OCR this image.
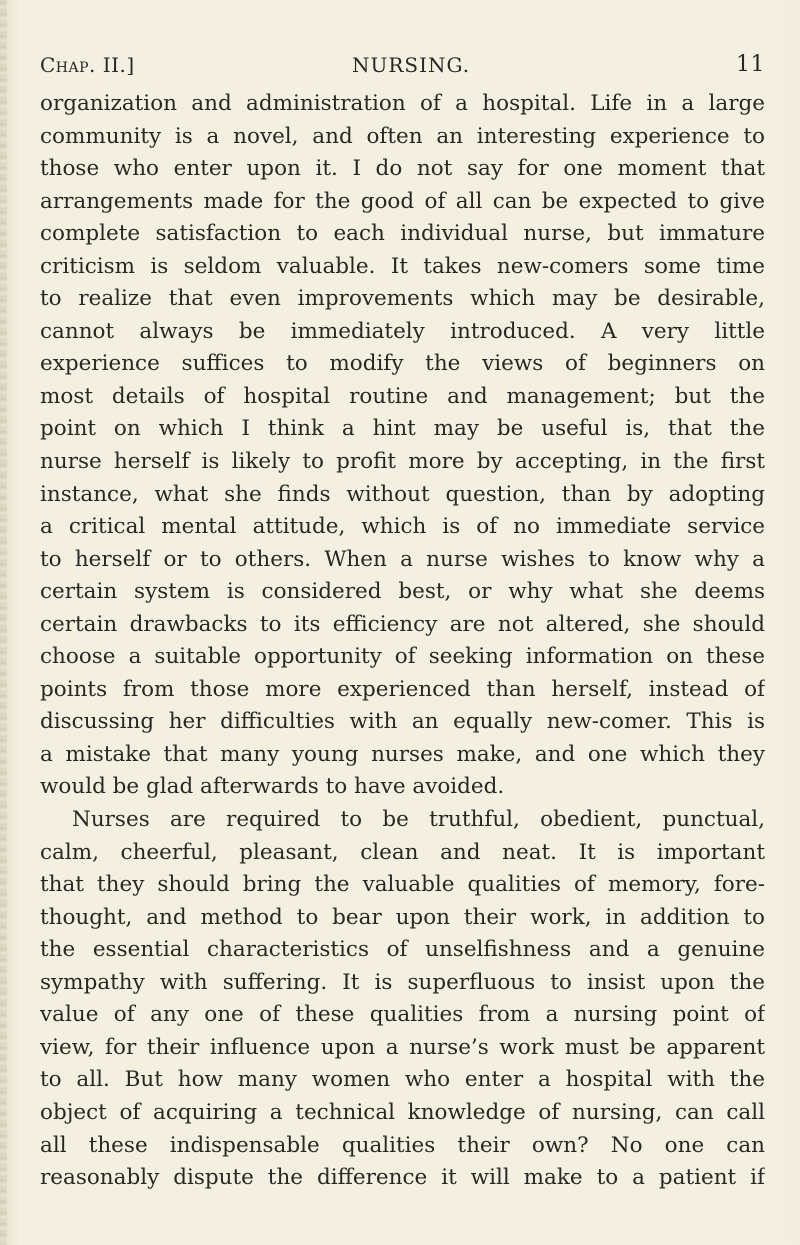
Chap. II.]	NURSING.	11
organization and administration of a hospital. Life in a large
community is a novel, and often an interesting experience to
those who enter upon it. I do not say for one moment that
arrangements made for the good of all can be expected to give
complete satisfaction to each individual nurse, but immature
criticism is seldom valuable. It takes new-comers some time
to realize that even improvements which may be desirable,
cannot always be immediately introduced. A very little
experience suffices to modify the views of beginners on
most details of hospital routine and management; but the
point on which I think a hint may be useful is, that the
nurse herself is likely to profit more by accepting, in the first
instance, what she finds without question, than by adopting
a critical mental attitude, which is of no immediate service
to herself or to others. When a nurse wishes to know why a
certain system is considered best, or why what she deems
certain drawbacks to its efficiency are not altered, she should
choose a suitable opportunity of seeking information on these
points from those more experienced than herself, instead of
discussing her difficulties with an equally new-comer. This is
a mistake that many young nurses make, and one which they
would be glad afterwards to have avoided.
Nurses are required to be truthful, obedient, punctual,
calm, cheerful, pleasant, clean and neat. It is important
that they should bring the valuable qualities of memory, fore-
thought, and method to bear upon their work, in addition to
the essential characteristics of unselfishness and a genuine
sympathy with suffering. It is superfluous to insist upon the
value of any one of these qualities from a nursing point of
view, for their influence upon a nurse’s work must be apparent
to all. But how many women who enter a hospital with the
object of acquiring a technical knowledge of nursing, can call
all these indispensable qualities their own? No one can
reasonably dispute the difference it will make to a patient if
